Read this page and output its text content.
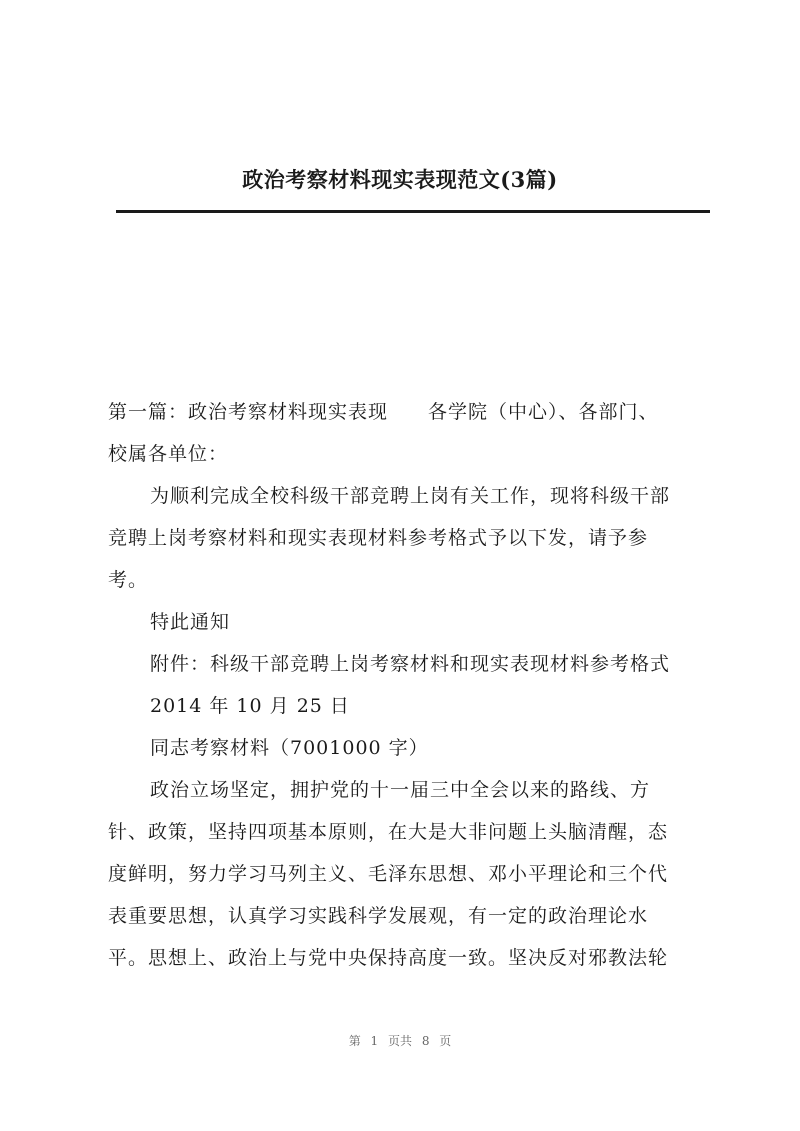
政治考察材料现实表现范文(3篇)
第一篇：政治考察材料现实表现 各学院（中心）、各部门、
校属各单位：
为顺利完成全校科级干部竞聘上岗有关工作，现将科级干部
竞聘上岗考察材料和现实表现材料参考格式予以下发，请予参
考。
特此通知
附件：科级干部竞聘上岗考察材料和现实表现材料参考格式
2014 年 10 月 25 日
同志考察材料（7001000 字）
政治立场坚定，拥护党的十一届三中全会以来的路线、方
针、政策，坚持四项基本原则，在大是大非问题上头脑清醒，态
度鲜明，努力学习马列主义、毛泽东思想、邓小平理论和三个代
表重要思想，认真学习实践科学发展观，有一定的政治理论水
平。思想上、政治上与党中央保持高度一致。坚决反对邪教法轮
第 1 页共 8 页
